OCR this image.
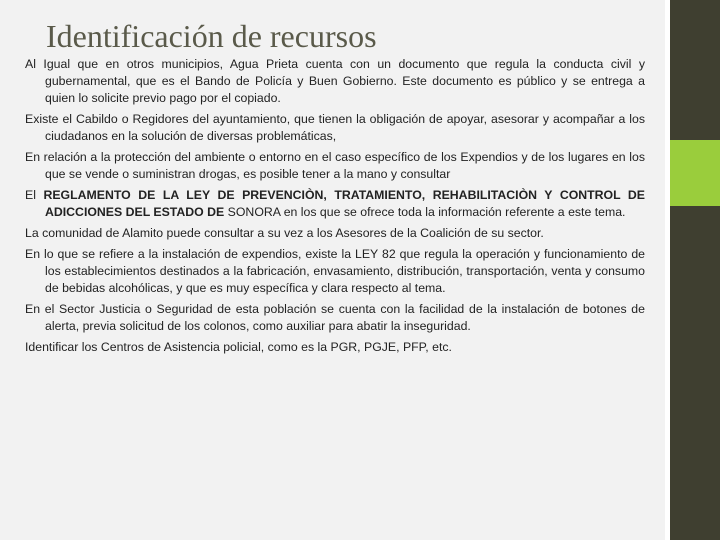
Identificación de recursos
Al Igual que en otros municipios, Agua Prieta cuenta con un documento que regula la conducta civil y gubernamental, que es el Bando de Policía y Buen Gobierno. Este documento es público y se entrega a quien lo solicite previo pago por el copiado.
Existe el Cabildo o Regidores del ayuntamiento, que tienen la obligación de apoyar, asesorar y acompañar a los ciudadanos en la solución de diversas problemáticas,
En relación a la protección del ambiente o entorno en el caso específico de los Expendios y de los lugares en los que se vende o suministran drogas, es posible tener a la mano y consultar
El REGLAMENTO DE LA LEY DE PREVENCIÒN, TRATAMIENTO, REHABILITACIÒN Y CONTROL DE ADICCIONES DEL ESTADO DE SONORA en los que se ofrece toda la información referente a este tema.
La comunidad de Alamito puede consultar a su vez a los Asesores de la Coalición de su sector.
En lo que se refiere a la instalación de expendios, existe la LEY 82 que regula la operación y funcionamiento de los establecimientos destinados a la fabricación, envasamiento, distribución, transportación, venta y consumo de bebidas alcohólicas, y que es muy específica y clara respecto al tema.
En el Sector Justicia o Seguridad de esta población se cuenta con la facilidad de la instalación de botones de alerta, previa solicitud de los colonos, como auxiliar para abatir la inseguridad.
Identificar los Centros de Asistencia policial, como es la PGR, PGJE, PFP, etc.
